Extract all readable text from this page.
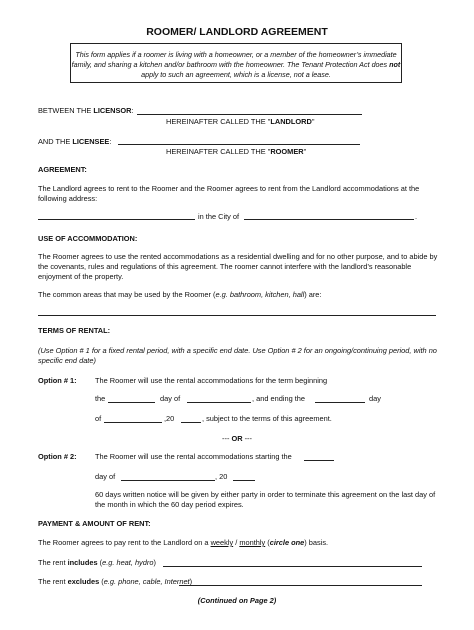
ROOMER/ LANDLORD AGREEMENT
This form applies if a roomer is living with a homeowner, or a member of the homeowner’s immediate family, and sharing a kitchen and/or bathroom with the homeowner. The Tenant Protection Act does not apply to such an agreement, which is a license, not a lease.
BETWEEN THE LICENSOR:
HEREINAFTER CALLED THE "LANDLORD"
AND THE LICENSEE:
HEREINAFTER CALLED THE "ROOMER"
AGREEMENT:
The Landlord agrees to rent to the Roomer and the Roomer agrees to rent from the Landlord accommodations at the following address:
in the City of	.
USE OF ACCOMMODATION:
The Roomer agrees to use the rented accommodations as a residential dwelling and for no other purpose, and to abide by the covenants, rules and regulations of this agreement. The roomer cannot interfere with the landlord’s reasonable enjoyment of the property.
The common areas that may be used by the Roomer (e.g. bathroom, kitchen, hall) are:
TERMS OF RENTAL:
(Use Option # 1 for a fixed rental period, with a specific end date. Use Option # 2 for an ongoing/continuing period, with no specific end date)
Option # 1: The Roomer will use the rental accommodations for the term beginning
the	day of	, and ending the	day
of	,20	, subject to the terms of this agreement.
--- OR ---
Option # 2: The Roomer will use the rental accommodations starting the
day of	, 20
60 days written notice will be given by either party in order to terminate this agreement on the last day of the month in which the 60 day period expires.
PAYMENT & AMOUNT OF RENT:
The Roomer agrees to pay rent to the Landlord on a weekly / monthly (circle one) basis.
The rent includes (e.g. heat, hydro)
The rent excludes (e.g. phone, cable, Internet)
(Continued on Page 2)
